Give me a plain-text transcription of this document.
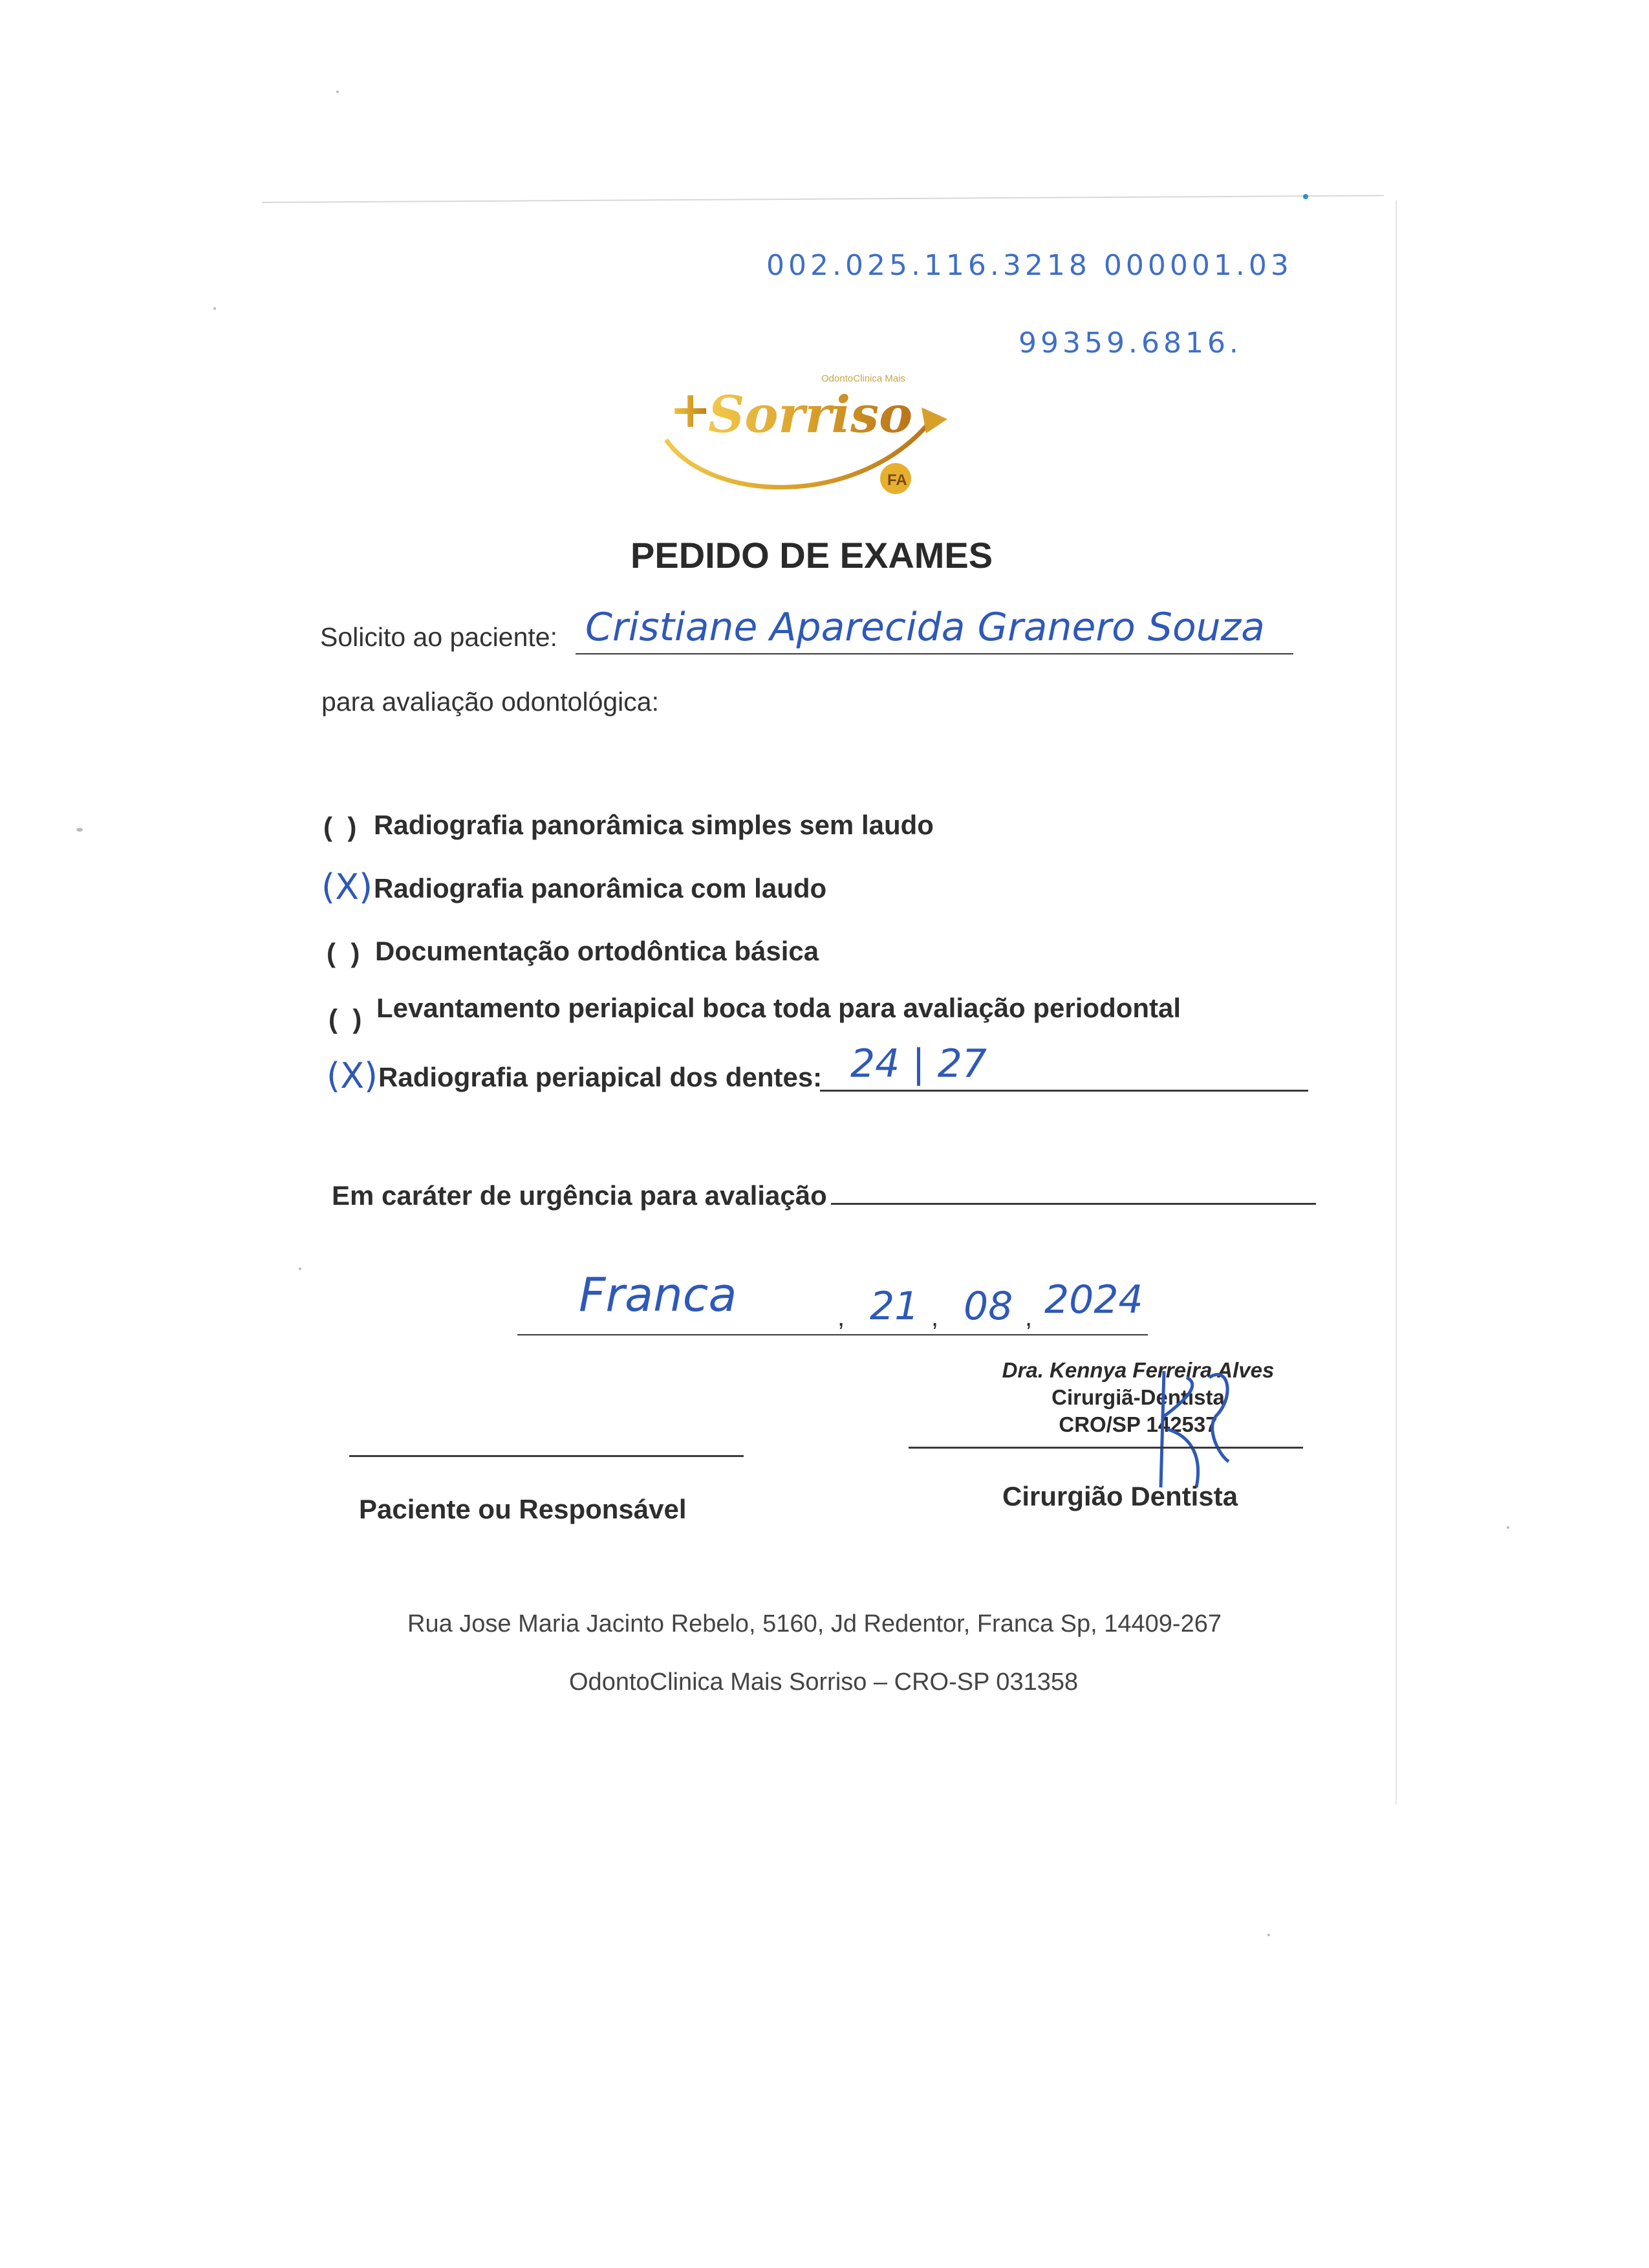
002.025.116.3218 000001.03
99359.6816.
+
Sorriso
OdontoClinica Mais
FA
PEDIDO DE EXAMES
Solicito ao paciente: Cristiane Aparecida Granero Souza
para avaliação odontológica:
(  ) Radiografia panorâmica simples sem laudo
(X) Radiografia panorâmica com laudo
(  ) Documentação ortodôntica básica
(  ) Levantamento periapical boca toda para avaliação periodontal
(X) Radiografia periapical dos dentes: 24 | 27
Em caráter de urgência para avaliação
Franca	, 21 , 08 , 2024
Paciente ou Responsável
Dra. Kennya Ferreira Alves
Cirurgiã-Dentista
CRO/SP 142537
Cirurgião Dentista
Rua Jose Maria Jacinto Rebelo, 5160, Jd Redentor, Franca Sp, 14409-267
OdontoClinica Mais Sorriso – CRO-SP 031358
